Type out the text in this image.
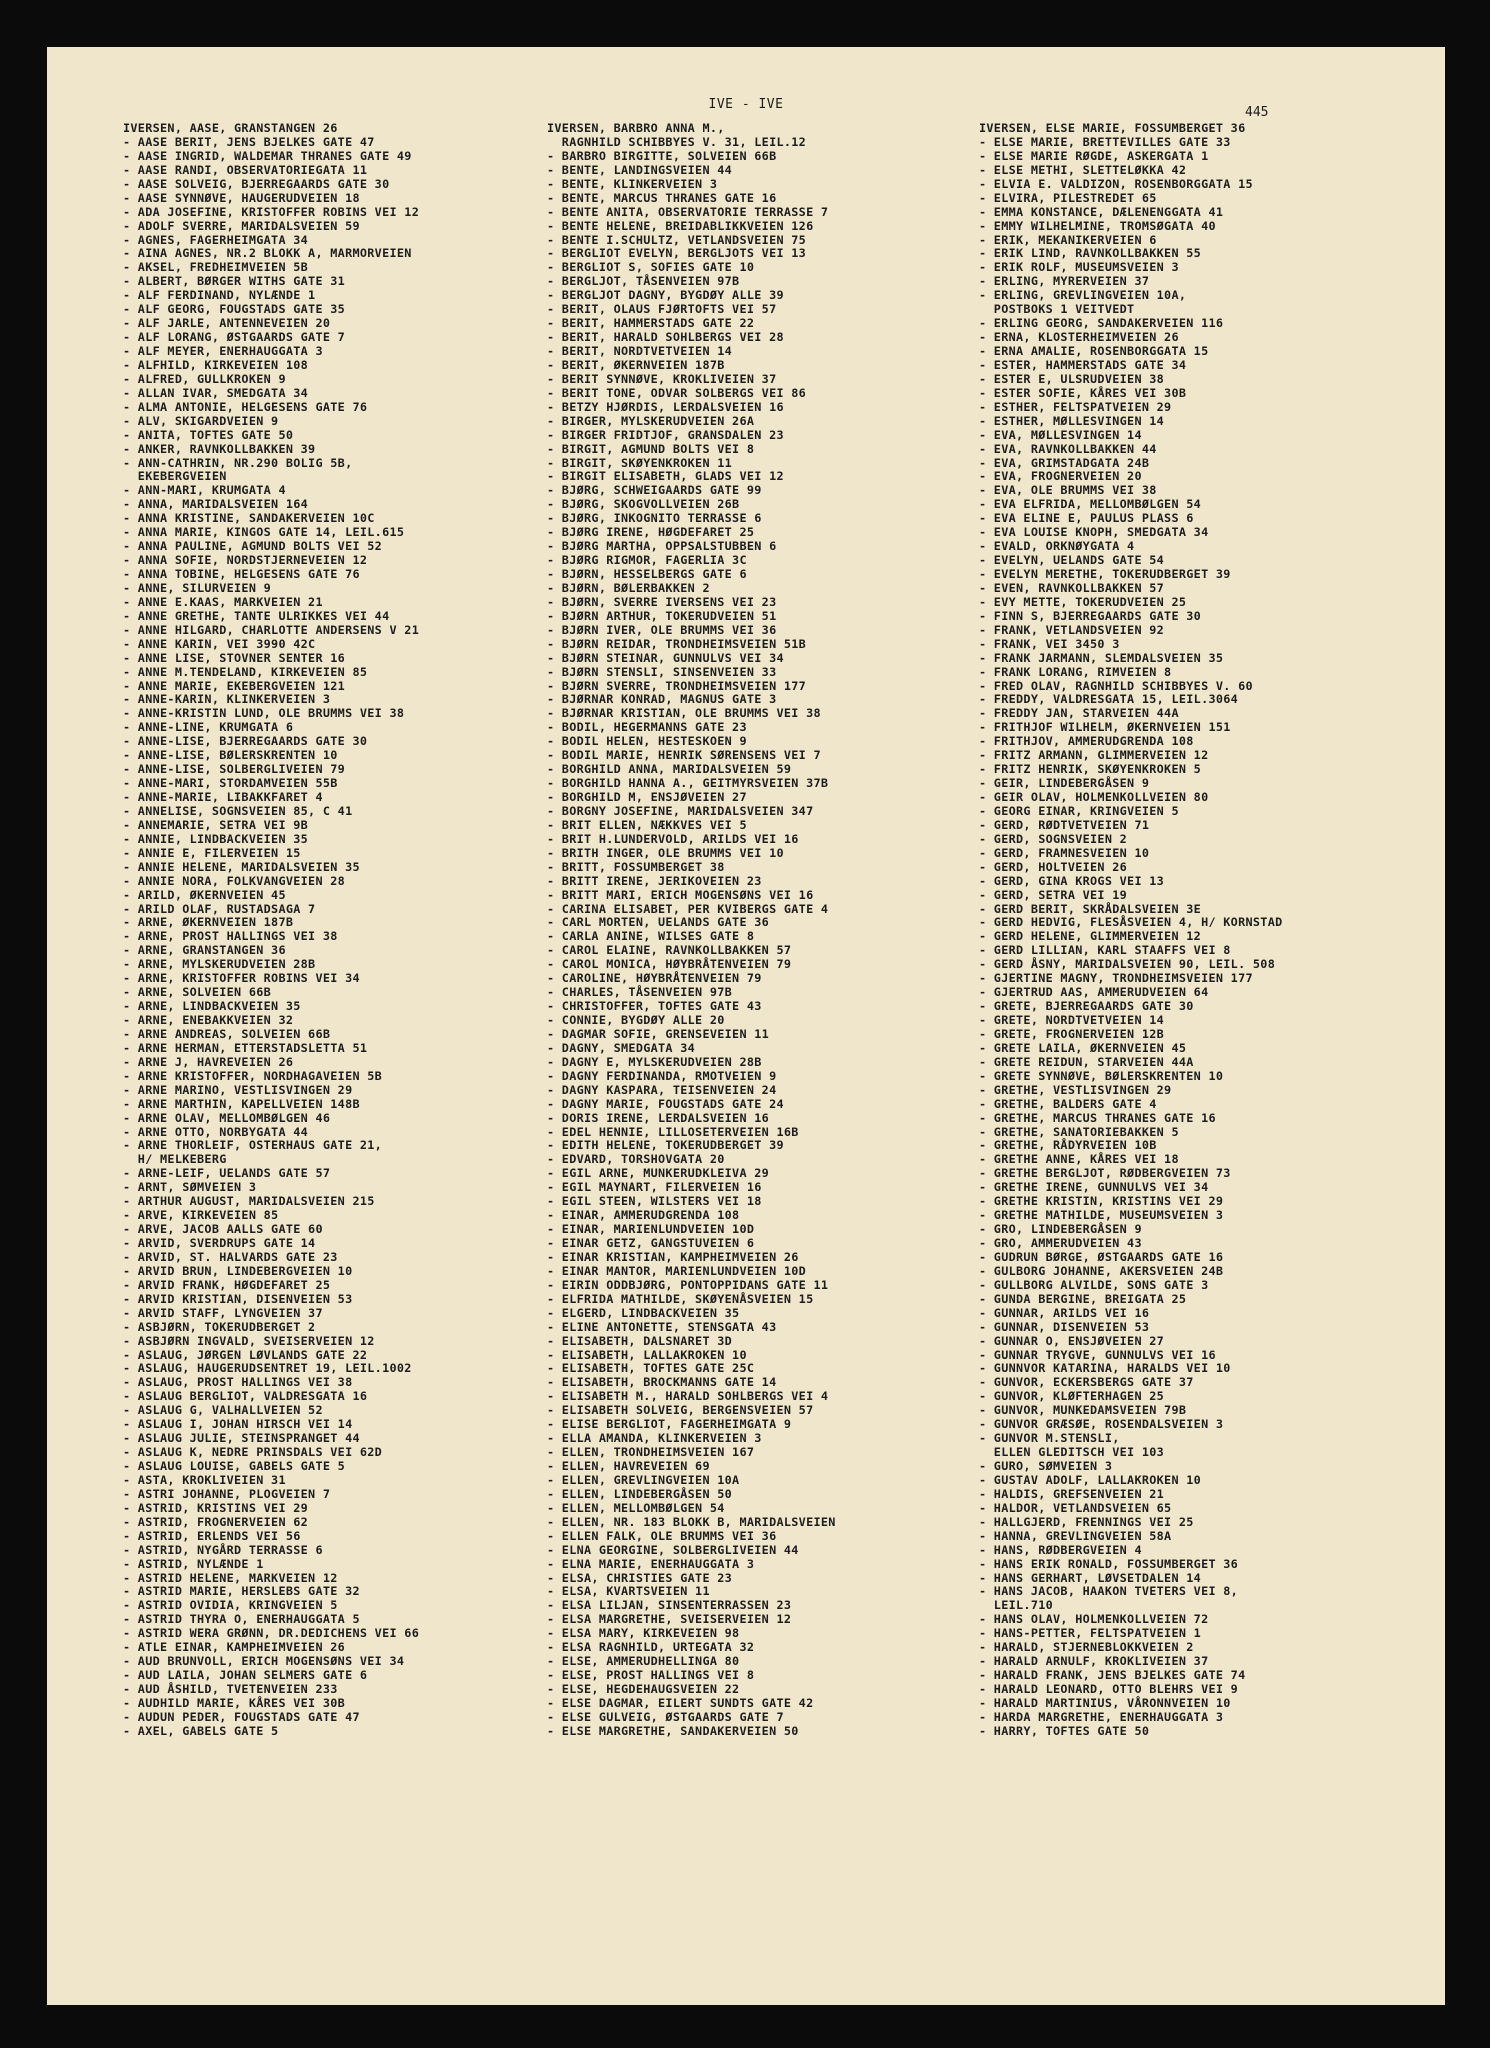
IVE - IVE
445
IVERSEN, AASE, GRANSTANGEN 26
- AASE BERIT, JENS BJELKES GATE 47
- AASE INGRID, WALDEMAR THRANES GATE 49
- AASE RANDI, OBSERVATORIEGATA 11
- AASE SOLVEIG, BJERREGAARDS GATE 30
- AASE SYNNØVE, HAUGERUDVEIEN 18
- ADA JOSEFINE, KRISTOFFER ROBINS VEI 12
- ADOLF SVERRE, MARIDALSVEIEN 59
- AGNES, FAGERHEIMGATA 34
- AINA AGNES, NR.2 BLOKK A, MARMORVEIEN
- AKSEL, FREDHEIMVEIEN 5B
- ALBERT, BØRGER WITHS GATE 31
- ALF FERDINAND, NYLÆNDE 1
- ALF GEORG, FOUGSTADS GATE 35
- ALF JARLE, ANTENNEVEIEN 20
- ALF LORANG, ØSTGAARDS GATE 7
- ALF MEYER, ENERHAUGGATA 3
- ALFHILD, KIRKEVEIEN 108
- ALFRED, GULLKROKEN 9
- ALLAN IVAR, SMEDGATA 34
- ALMA ANTONIE, HELGESENS GATE 76
- ALV, SKIGARDVEIEN 9
- ANITA, TOFTES GATE 50
- ANKER, RAVNKOLLBAKKEN 39
- ANN-CATHRIN, NR.290 BOLIG 5B,
EKEBERGVEIEN
- ANN-MARI, KRUMGATA 4
- ANNA, MARIDALSVEIEN 164
- ANNA KRISTINE, SANDAKERVEIEN 10C
- ANNA MARIE, KINGOS GATE 14, LEIL.615
- ANNA PAULINE, AGMUND BOLTS VEI 52
- ANNA SOFIE, NORDSTJERNEVEIEN 12
- ANNA TOBINE, HELGESENS GATE 76
- ANNE, SILURVEIEN 9
- ANNE E.KAAS, MARKVEIEN 21
- ANNE GRETHE, TANTE ULRIKKES VEI 44
- ANNE HILGARD, CHARLOTTE ANDERSENS V 21
- ANNE KARIN, VEI 3990 42C
- ANNE LISE, STOVNER SENTER 16
- ANNE M.TENDELAND, KIRKEVEIEN 85
- ANNE MARIE, EKEBERGVEIEN 121
- ANNE-KARIN, KLINKERVEIEN 3
- ANNE-KRISTIN LUND, OLE BRUMMS VEI 38
- ANNE-LINE, KRUMGATA 6
- ANNE-LISE, BJERREGAARDS GATE 30
- ANNE-LISE, BØLERSKRENTEN 10
- ANNE-LISE, SOLBERGLIVEIEN 79
- ANNE-MARI, STORDAMVEIEN 55B
- ANNE-MARIE, LIBAKKFARET 4
- ANNELISE, SOGNSVEIEN 85, C 41
- ANNEMARIE, SETRA VEI 9B
- ANNIE, LINDBACKVEIEN 35
- ANNIE E, FILERVEIEN 15
- ANNIE HELENE, MARIDALSVEIEN 35
- ANNIE NORA, FOLKVANGVEIEN 28
- ARILD, ØKERNVEIEN 45
- ARILD OLAF, RUSTADSAGA 7
- ARNE, ØKERNVEIEN 187B
- ARNE, PROST HALLINGS VEI 38
- ARNE, GRANSTANGEN 36
- ARNE, MYLSKERUDVEIEN 28B
- ARNE, KRISTOFFER ROBINS VEI 34
- ARNE, SOLVEIEN 66B
- ARNE, LINDBACKVEIEN 35
- ARNE, ENEBAKKVEIEN 32
- ARNE ANDREAS, SOLVEIEN 66B
- ARNE HERMAN, ETTERSTADSLETTA 51
- ARNE J, HAVREVEIEN 26
- ARNE KRISTOFFER, NORDHAGAVEIEN 5B
- ARNE MARINO, VESTLISVINGEN 29
- ARNE MARTHIN, KAPELLVEIEN 148B
- ARNE OLAV, MELLOMBØLGEN 46
- ARNE OTTO, NORBYGATA 44
- ARNE THORLEIF, OSTERHAUS GATE 21,
H/ MELKEBERG
- ARNE-LEIF, UELANDS GATE 57
- ARNT, SØMVEIEN 3
- ARTHUR AUGUST, MARIDALSVEIEN 215
- ARVE, KIRKEVEIEN 85
- ARVE, JACOB AALLS GATE 60
- ARVID, SVERDRUPS GATE 14
- ARVID, ST. HALVARDS GATE 23
- ARVID BRUN, LINDEBERGVEIEN 10
- ARVID FRANK, HØGDEFARET 25
- ARVID KRISTIAN, DISENVEIEN 53
- ARVID STAFF, LYNGVEIEN 37
- ASBJØRN, TOKERUDBERGET 2
- ASBJØRN INGVALD, SVEISERVEIEN 12
- ASLAUG, JØRGEN LØVLANDS GATE 22
- ASLAUG, HAUGERUDSENTRET 19, LEIL.1002
- ASLAUG, PROST HALLINGS VEI 38
- ASLAUG BERGLIOT, VALDRESGATA 16
- ASLAUG G, VALHALLVEIEN 52
- ASLAUG I, JOHAN HIRSCH VEI 14
- ASLAUG JULIE, STEINSPRANGET 44
- ASLAUG K, NEDRE PRINSDALS VEI 62D
- ASLAUG LOUISE, GABELS GATE 5
- ASTA, KROKLIVEIEN 31
- ASTRI JOHANNE, PLOGVEIEN 7
- ASTRID, KRISTINS VEI 29
- ASTRID, FROGNERVEIEN 62
- ASTRID, ERLENDS VEI 56
- ASTRID, NYGÅRD TERRASSE 6
- ASTRID, NYLÆNDE 1
- ASTRID HELENE, MARKVEIEN 12
- ASTRID MARIE, HERSLEBS GATE 32
- ASTRID OVIDIA, KRINGVEIEN 5
- ASTRID THYRA O, ENERHAUGGATA 5
- ASTRID WERA GRØNN, DR.DEDICHENS VEI 66
- ATLE EINAR, KAMPHEIMVEIEN 26
- AUD BRUNVOLL, ERICH MOGENSØNS VEI 34
- AUD LAILA, JOHAN SELMERS GATE 6
- AUD ÅSHILD, TVETENVEIEN 233
- AUDHILD MARIE, KÅRES VEI 30B
- AUDUN PEDER, FOUGSTADS GATE 47
- AXEL, GABELS GATE 5
IVERSEN, BARBRO ANNA M.,
RAGNHILD SCHIBBYES V. 31, LEIL.12
- BARBRO BIRGITTE, SOLVEIEN 66B
- BENTE, LANDINGSVEIEN 44
- BENTE, KLINKERVEIEN 3
- BENTE, MARCUS THRANES GATE 16
- BENTE ANITA, OBSERVATORIE TERRASSE 7
- BENTE HELENE, BREIDABLIKKVEIEN 126
- BENTE I.SCHULTZ, VETLANDSVEIEN 75
- BERGLIOT EVELYN, BERGLJOTS VEI 13
- BERGLIOT S, SOFIES GATE 10
- BERGLJOT, TÅSENVEIEN 97B
- BERGLJOT DAGNY, BYGDØY ALLE 39
- BERIT, OLAUS FJØRTOFTS VEI 57
- BERIT, HAMMERSTADS GATE 22
- BERIT, HARALD SOHLBERGS VEI 28
- BERIT, NORDTVETVEIEN 14
- BERIT, ØKERNVEIEN 187B
- BERIT SYNNØVE, KROKLIVEIEN 37
- BERIT TONE, ODVAR SOLBERGS VEI 86
- BETZY HJØRDIS, LERDALSVEIEN 16
- BIRGER, MYLSKERUDVEIEN 26A
- BIRGER FRIDTJOF, GRANSDALEN 23
- BIRGIT, AGMUND BOLTS VEI 8
- BIRGIT, SKØYENKROKEN 11
- BIRGIT ELISABETH, GLADS VEI 12
- BJØRG, SCHWEIGAARDS GATE 99
- BJØRG, SKOGVOLLVEIEN 26B
- BJØRG, INKOGNITO TERRASSE 6
- BJØRG IRENE, HØGDEFARET 25
- BJØRG MARTHA, OPPSALSTUBBEN 6
- BJØRG RIGMOR, FAGERLIA 3C
- BJØRN, HESSELBERGS GATE 6
- BJØRN, BØLERBAKKEN 2
- BJØRN, SVERRE IVERSENS VEI 23
- BJØRN ARTHUR, TOKERUDVEIEN 51
- BJØRN IVER, OLE BRUMMS VEI 36
- BJØRN REIDAR, TRONDHEIMSVEIEN 51B
- BJØRN STEINAR, GUNNULVS VEI 34
- BJØRN STENSLI, SINSENVEIEN 33
- BJØRN SVERRE, TRONDHEIMSVEIEN 177
- BJØRNAR KONRAD, MAGNUS GATE 3
- BJØRNAR KRISTIAN, OLE BRUMMS VEI 38
- BODIL, HEGERMANNS GATE 23
- BODIL HELEN, HESTESKOEN 9
- BODIL MARIE, HENRIK SØRENSENS VEI 7
- BORGHILD ANNA, MARIDALSVEIEN 59
- BORGHILD HANNA A., GEITMYRSVEIEN 37B
- BORGHILD M, ENSJØVEIEN 27
- BORGNY JOSEFINE, MARIDALSVEIEN 347
- BRIT ELLEN, NÆKKVES VEI 5
- BRIT H.LUNDERVOLD, ARILDS VEI 16
- BRITH INGER, OLE BRUMMS VEI 10
- BRITT, FOSSUMBERGET 38
- BRITT IRENE, JERIKOVEIEN 23
- BRITT MARI, ERICH MOGENSØNS VEI 16
- CARINA ELISABET, PER KVIBERGS GATE 4
- CARL MORTEN, UELANDS GATE 36
- CARLA ANINE, WILSES GATE 8
- CAROL ELAINE, RAVNKOLLBAKKEN 57
- CAROL MONICA, HØYBRÅTENVEIEN 79
- CAROLINE, HØYBRÅTENVEIEN 79
- CHARLES, TÅSENVEIEN 97B
- CHRISTOFFER, TOFTES GATE 43
- CONNIE, BYGDØY ALLE 20
- DAGMAR SOFIE, GRENSEVEIEN 11
- DAGNY, SMEDGATA 34
- DAGNY E, MYLSKERUDVEIEN 28B
- DAGNY FERDINANDA, RMOTVEIEN 9
- DAGNY KASPARA, TEISENVEIEN 24
- DAGNY MARIE, FOUGSTADS GATE 24
- DORIS IRENE, LERDALSVEIEN 16
- EDEL HENNIE, LILLOSETERVEIEN 16B
- EDITH HELENE, TOKERUDBERGET 39
- EDVARD, TORSHOVGATA 20
- EGIL ARNE, MUNKERUDKLEIVA 29
- EGIL MAYNART, FILERVEIEN 16
- EGIL STEEN, WILSTERS VEI 18
- EINAR, AMMERUDGRENDA 108
- EINAR, MARIENLUNDVEIEN 10D
- EINAR GETZ, GANGSTUVEIEN 6
- EINAR KRISTIAN, KAMPHEIMVEIEN 26
- EINAR MANTOR, MARIENLUNDVEIEN 10D
- EIRIN ODDBJØRG, PONTOPPIDANS GATE 11
- ELFRIDA MATHILDE, SKØYENÅSVEIEN 15
- ELGERD, LINDBACKVEIEN 35
- ELINE ANTONETTE, STENSGATA 43
- ELISABETH, DALSNARET 3D
- ELISABETH, LALLAKROKEN 10
- ELISABETH, TOFTES GATE 25C
- ELISABETH, BROCKMANNS GATE 14
- ELISABETH M., HARALD SOHLBERGS VEI 4
- ELISABETH SOLVEIG, BERGENSVEIEN 57
- ELISE BERGLIOT, FAGERHEIMGATA 9
- ELLA AMANDA, KLINKERVEIEN 3
- ELLEN, TRONDHEIMSVEIEN 167
- ELLEN, HAVREVEIEN 69
- ELLEN, GREVLINGVEIEN 10A
- ELLEN, LINDEBERGÅSEN 50
- ELLEN, MELLOMBØLGEN 54
- ELLEN, NR. 183 BLOKK B, MARIDALSVEIEN
- ELLEN FALK, OLE BRUMMS VEI 36
- ELNA GEORGINE, SOLBERGLIVEIEN 44
- ELNA MARIE, ENERHAUGGATA 3
- ELSA, CHRISTIES GATE 23
- ELSA, KVARTSVEIEN 11
- ELSA LILJAN, SINSENTERRASSEN 23
- ELSA MARGRETHE, SVEISERVEIEN 12
- ELSA MARY, KIRKEVEIEN 98
- ELSA RAGNHILD, URTEGATA 32
- ELSE, AMMERUDHELLINGA 80
- ELSE, PROST HALLINGS VEI 8
- ELSE, HEGDEHAUGSVEIEN 22
- ELSE DAGMAR, EILERT SUNDTS GATE 42
- ELSE GULVEIG, ØSTGAARDS GATE 7
- ELSE MARGRETHE, SANDAKERVEIEN 50
IVERSEN, ELSE MARIE, FOSSUMBERGET 36
- ELSE MARIE, BRETTEVILLES GATE 33
- ELSE MARIE RØGDE, ASKERGATA 1
- ELSE METHI, SLETTELØKKA 42
- ELVIA E. VALDIZON, ROSENBORGGATA 15
- ELVIRA, PILESTREDET 65
- EMMA KONSTANCE, DÆLENENGGATA 41
- EMMY WILHELMINE, TROMSØGATA 40
- ERIK, MEKANIKERVEIEN 6
- ERIK LIND, RAVNKOLLBAKKEN 55
- ERIK ROLF, MUSEUMSVEIEN 3
- ERLING, MYRERVEIEN 37
- ERLING, GREVLINGVEIEN 10A,
POSTBOKS 1 VEITVEDT
- ERLING GEORG, SANDAKERVEIEN 116
- ERNA, KLOSTERHEIMVEIEN 26
- ERNA AMALIE, ROSENBORGGATA 15
- ESTER, HAMMERSTADS GATE 34
- ESTER E, ULSRUDVEIEN 38
- ESTER SOFIE, KÅRES VEI 30B
- ESTHER, FELTSPATVEIEN 29
- ESTHER, MØLLESVINGEN 14
- EVA, MØLLESVINGEN 14
- EVA, RAVNKOLLBAKKEN 44
- EVA, GRIMSTADGATA 24B
- EVA, FROGNERVEIEN 20
- EVA, OLE BRUMMS VEI 38
- EVA ELFRIDA, MELLOMBØLGEN 54
- EVA ELINE E, PAULUS PLASS 6
- EVA LOUISE KNOPH, SMEDGATA 34
- EVALD, ORKNØYGATA 4
- EVELYN, UELANDS GATE 54
- EVELYN MERETHE, TOKERUDBERGET 39
- EVEN, RAVNKOLLBAKKEN 57
- EVY METTE, TOKERUDVEIEN 25
- FINN S, BJERREGAARDS GATE 30
- FRANK, VETLANDSVEIEN 92
- FRANK, VEI 3450 3
- FRANK JARMANN, SLEMDALSVEIEN 35
- FRANK LORANG, RIMVEIEN 8
- FRED OLAV, RAGNHILD SCHIBBYES V. 60
- FREDDY, VALDRESGATA 15, LEIL.3064
- FREDDY JAN, STARVEIEN 44A
- FRITHJOF WILHELM, ØKERNVEIEN 151
- FRITHJOV, AMMERUDGRENDA 108
- FRITZ ARMANN, GLIMMERVEIEN 12
- FRITZ HENRIK, SKØYENKROKEN 5
- GEIR, LINDEBERGÅSEN 9
- GEIR OLAV, HOLMENKOLLVEIEN 80
- GEORG EINAR, KRINGVEIEN 5
- GERD, RØDTVETVEIEN 71
- GERD, SOGNSVEIEN 2
- GERD, FRAMNESVEIEN 10
- GERD, HOLTVEIEN 26
- GERD, GINA KROGS VEI 13
- GERD, SETRA VEI 19
- GERD BERIT, SKRÅDALSVEIEN 3E
- GERD HEDVIG, FLESÅSVEIEN 4, H/ KORNSTAD
- GERD HELENE, GLIMMERVEIEN 12
- GERD LILLIAN, KARL STAAFFS VEI 8
- GERD ÅSNY, MARIDALSVEIEN 90, LEIL. 508
- GJERTINE MAGNY, TRONDHEIMSVEIEN 177
- GJERTRUD AAS, AMMERUDVEIEN 64
- GRETE, BJERREGAARDS GATE 30
- GRETE, NORDTVETVEIEN 14
- GRETE, FROGNERVEIEN 12B
- GRETE LAILA, ØKERNVEIEN 45
- GRETE REIDUN, STARVEIEN 44A
- GRETE SYNNØVE, BØLERSKRENTEN 10
- GRETHE, VESTLISVINGEN 29
- GRETHE, BALDERS GATE 4
- GRETHE, MARCUS THRANES GATE 16
- GRETHE, SANATORIEBAKKEN 5
- GRETHE, RÅDYRVEIEN 10B
- GRETHE ANNE, KÅRES VEI 18
- GRETHE BERGLJOT, RØDBERGVEIEN 73
- GRETHE IRENE, GUNNULVS VEI 34
- GRETHE KRISTIN, KRISTINS VEI 29
- GRETHE MATHILDE, MUSEUMSVEIEN 3
- GRO, LINDEBERGÅSEN 9
- GRO, AMMERUDVEIEN 43
- GUDRUN BØRGE, ØSTGAARDS GATE 16
- GULBORG JOHANNE, AKERSVEIEN 24B
- GULLBORG ALVILDE, SONS GATE 3
- GUNDA BERGINE, BREIGATA 25
- GUNNAR, ARILDS VEI 16
- GUNNAR, DISENVEIEN 53
- GUNNAR O, ENSJØVEIEN 27
- GUNNAR TRYGVE, GUNNULVS VEI 16
- GUNNVOR KATARINA, HARALDS VEI 10
- GUNVOR, ECKERSBERGS GATE 37
- GUNVOR, KLØFTERHAGEN 25
- GUNVOR, MUNKEDAMSVEIEN 79B
- GUNVOR GRÆSØE, ROSENDALSVEIEN 3
- GUNVOR M.STENSLI,
ELLEN GLEDITSCH VEI 103
- GURO, SØMVEIEN 3
- GUSTAV ADOLF, LALLAKROKEN 10
- HALDIS, GREFSENVEIEN 21
- HALDOR, VETLANDSVEIEN 65
- HALLGJERD, FRENNINGS VEI 25
- HANNA, GREVLINGVEIEN 58A
- HANS, RØDBERGVEIEN 4
- HANS ERIK RONALD, FOSSUMBERGET 36
- HANS GERHART, LØVSETDALEN 14
- HANS JACOB, HAAKON TVETERS VEI 8,
LEIL.710
- HANS OLAV, HOLMENKOLLVEIEN 72
- HANS-PETTER, FELTSPATVEIEN 1
- HARALD, STJERNEBLOKKVEIEN 2
- HARALD ARNULF, KROKLIVEIEN 37
- HARALD FRANK, JENS BJELKES GATE 74
- HARALD LEONARD, OTTO BLEHRS VEI 9
- HARALD MARTINIUS, VÅRONNVEIEN 10
- HARDA MARGRETHE, ENERHAUGGATA 3
- HARRY, TOFTES GATE 50
